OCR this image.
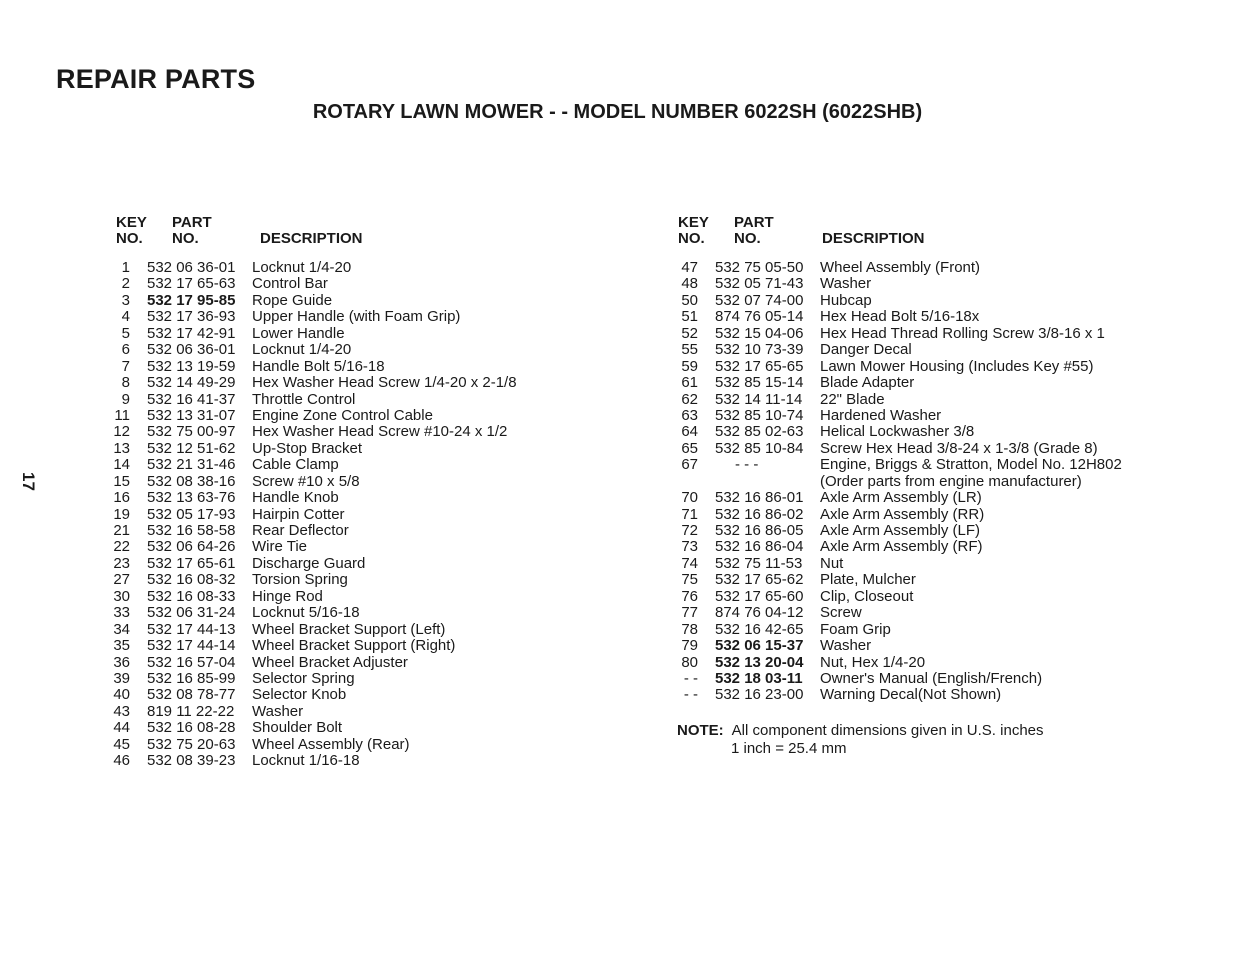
REPAIR PARTS
ROTARY LAWN MOWER - - MODEL NUMBER 6022SH (6022SHB)
17
KEY
NO.
PART
NO.	DESCRIPTION
KEY
NO.
PART
NO.	DESCRIPTION
1 532 06 36-01 Locknut 1/4-20
2 532 17 65-63 Control Bar
3 532 17 95-85 Rope Guide
4 532 17 36-93 Upper Handle (with Foam Grip)
5 532 17 42-91 Lower Handle
6 532 06 36-01 Locknut 1/4-20
7 532 13 19-59 Handle Bolt 5/16-18
8 532 14 49-29 Hex Washer Head Screw 1/4-20 x 2-1/8
9 532 16 41-37 Throttle Control
11 532 13 31-07 Engine Zone Control Cable
12 532 75 00-97 Hex Washer Head Screw #10-24 x 1/2
13 532 12 51-62 Up-Stop Bracket
14 532 21 31-46 Cable Clamp
15 532 08 38-16 Screw #10 x 5/8
16 532 13 63-76 Handle Knob
19 532 05 17-93 Hairpin Cotter
21 532 16 58-58 Rear Deflector
22 532 06 64-26 Wire Tie
23 532 17 65-61 Discharge Guard
27 532 16 08-32 Torsion Spring
30 532 16 08-33 Hinge Rod
33 532 06 31-24 Locknut 5/16-18
34 532 17 44-13 Wheel Bracket Support (Left)
35 532 17 44-14 Wheel Bracket Support (Right)
36 532 16 57-04 Wheel Bracket Adjuster
39 532 16 85-99 Selector Spring
40 532 08 78-77 Selector Knob
43 819 11 22-22 Washer
44 532 16 08-28 Shoulder Bolt
45 532 75 20-63 Wheel Assembly (Rear)
46 532 08 39-23 Locknut 1/16-18
47 532 75 05-50 Wheel Assembly (Front)
48 532 05 71-43 Washer
50 532 07 74-00 Hubcap
51 874 76 05-14 Hex Head Bolt 5/16-18x
52 532 15 04-06 Hex Head Thread Rolling Screw 3/8-16 x 1
55 532 10 73-39 Danger Decal
59 532 17 65-65 Lawn Mower Housing (Includes Key #55)
61 532 85 15-14 Blade Adapter
62 532 14 11-14 22" Blade
63 532 85 10-74 Hardened Washer
64 532 85 02-63 Helical Lockwasher 3/8
65 532 85 10-84 Screw Hex Head 3/8-24 x 1-3/8 (Grade 8)
67 - - -	Engine, Briggs & Stratton, Model No. 12H802
(Order parts from engine manufacturer)
70 532 16 86-01 Axle Arm Assembly (LR)
71 532 16 86-02 Axle Arm Assembly (RR)
72 532 16 86-05 Axle Arm Assembly (LF)
73 532 16 86-04 Axle Arm Assembly (RF)
74 532 75 11-53 Nut
75 532 17 65-62 Plate, Mulcher
76 532 17 65-60 Clip, Closeout
77 874 76 04-12 Screw
78 532 16 42-65 Foam Grip
79 532 06 15-37 Washer
80 532 13 20-04 Nut, Hex 1/4-20
- - 532 18 03-11 Owner's Manual (English/French)
- - 532 16 23-00 Warning Decal(Not Shown)
NOTE: All component dimensions given in U.S. inches
1 inch = 25.4 mm
